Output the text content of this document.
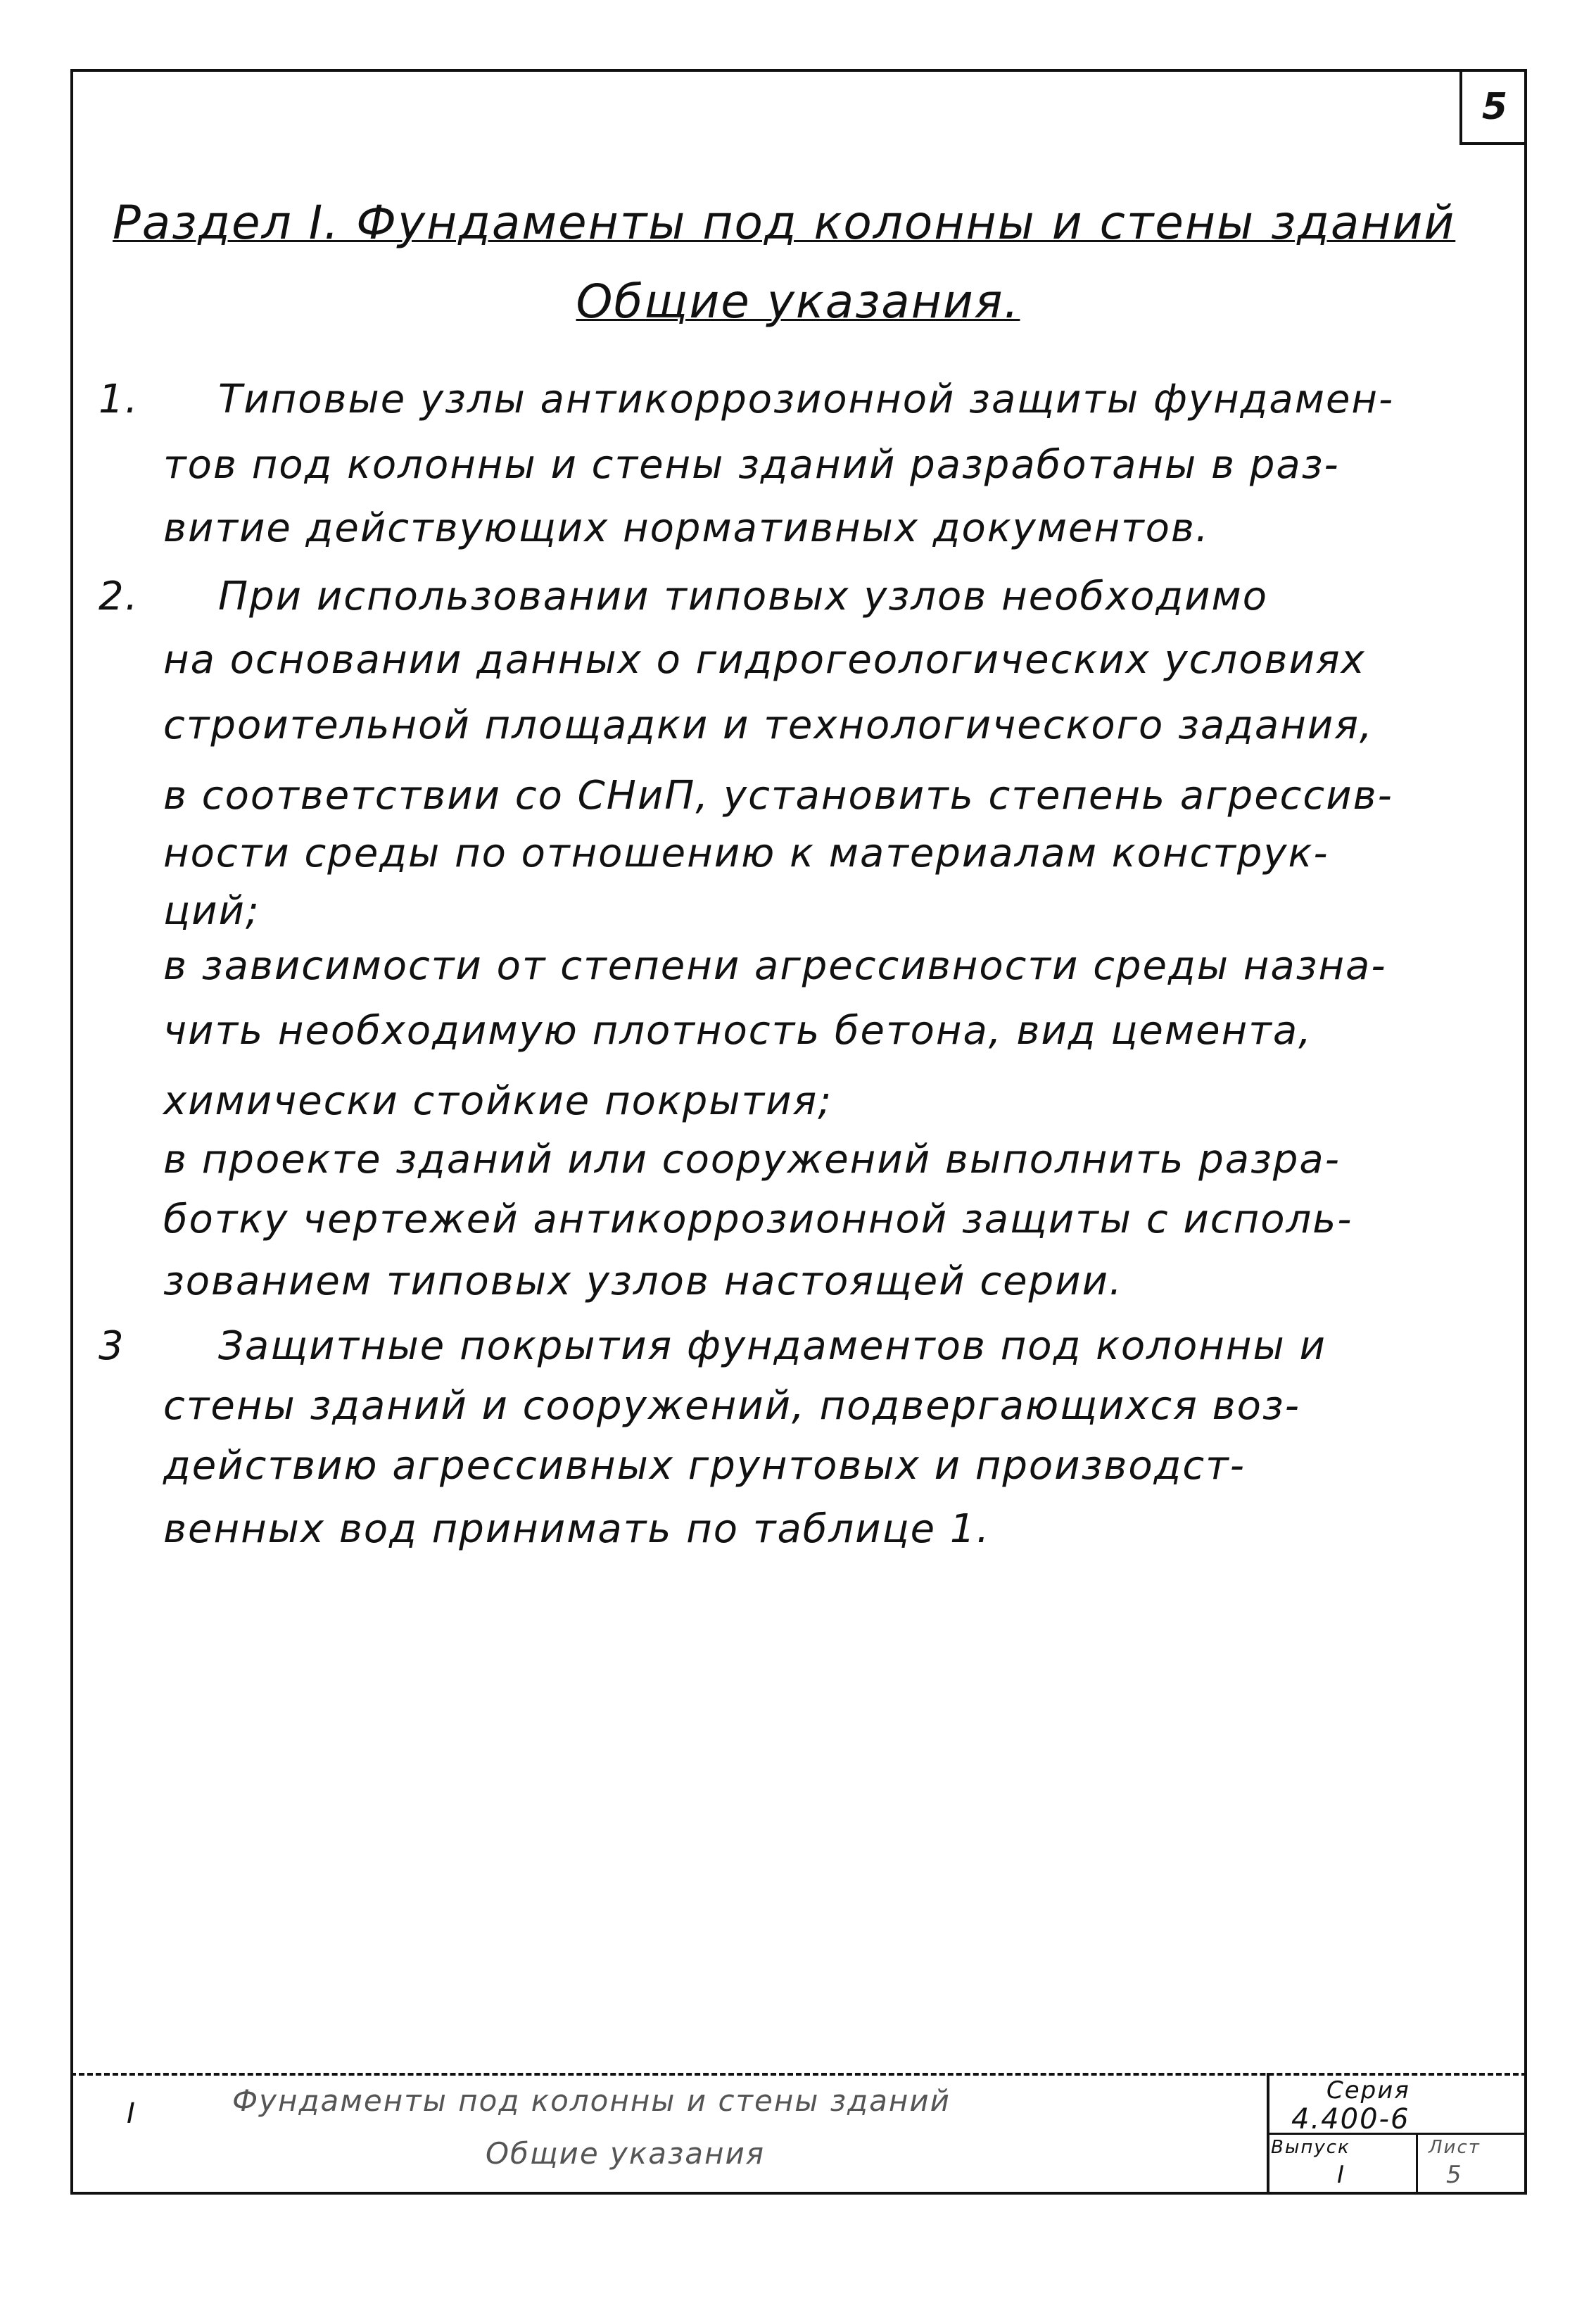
5
Раздел I. Фундаменты под колонны и стены зданий
Общие указания.
1. Типовые узлы антикоррозионной защиты фундамен-
тов под колонны и стены зданий разработаны в раз-
витие действующих нормативных документов.
2. При использовании типовых узлов необходимо
на основании данных о гидрогеологических условиях
строительной площадки и технологического задания,
в соответствии со СНиП, установить степень агрессив-
ности среды по отношению к материалам конструк-
ций;
в зависимости от степени агрессивности среды назна-
чить необходимую плотность бетона, вид цемента,
химически стойкие покрытия;
в проекте зданий или сооружений выполнить разра-
ботку чертежей антикоррозионной защиты с исполь-
зованием типовых узлов настоящей серии.
3 Защитные покрытия фундаментов под колонны и
стены зданий и сооружений, подвергающихся воз-
действию агрессивных грунтовых и производст-
венных вод принимать по таблице 1.
I	Фундаменты под колонны и стены зданий
Общие указания
Серия
4.400-6
Выпуск
I
Лист
5
